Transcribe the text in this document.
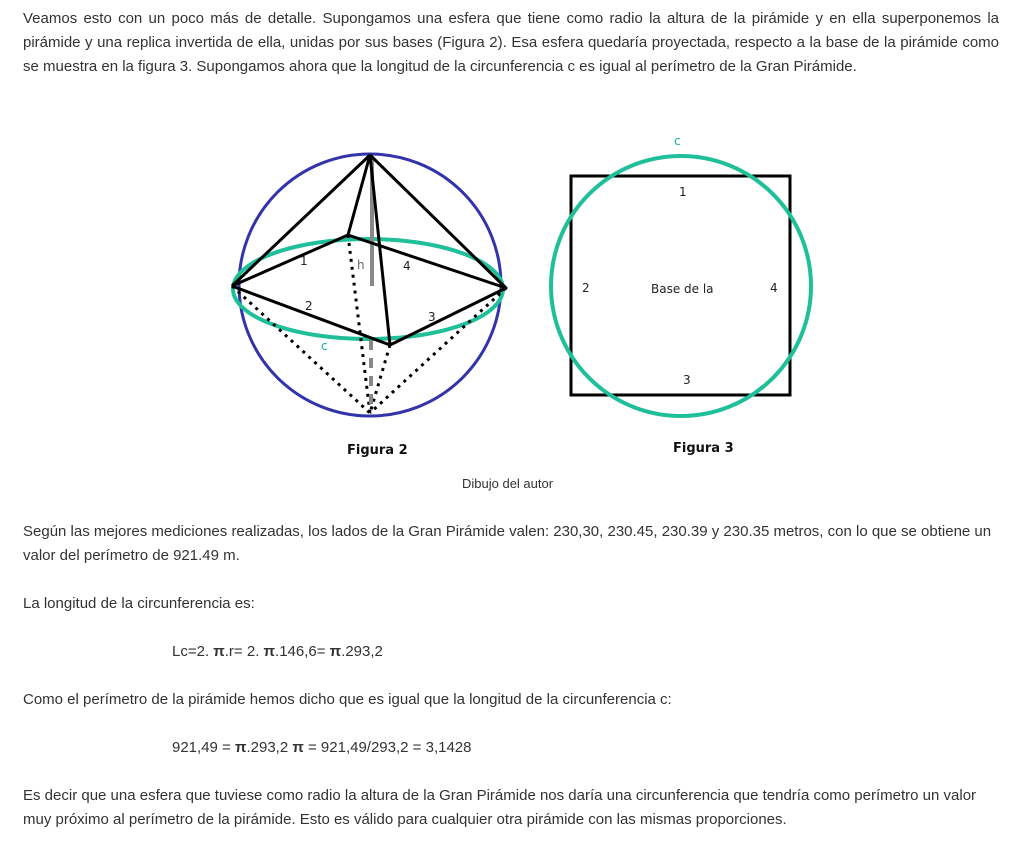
Veamos esto con un poco más de detalle. Supongamos una esfera que tiene como radio la altura de la pirámide y en ella superponemos la pirámide y una replica invertida de ella, unidas por sus bases (Figura 2). Esa esfera quedaría proyectada, respecto a la base de la pirámide como se muestra en la figura 3. Supongamos ahora que la longitud de la circunferencia c es igual al perímetro de la Gran Pirámide.

h
1	4
2
3
c
Figura 2
c
1
2	4
3
Base de la
Figura 3
Dibujo del autor

Según las mejores mediciones realizadas, los lados de la Gran Pirámide valen: 230,30, 230.45, 230.39 y 230.35 metros, con lo que se obtiene un valor del perímetro de 921.49 m.

La longitud de la circunferencia es:

Lc=2. π.r= 2. π.146,6= π.293,2

Como el perímetro de la pirámide hemos dicho que es igual que la longitud de la circunferencia c:

921,49 = π.293,2 π = 921,49/293,2 = 3,1428

Es decir que una esfera que tuviese como radio la altura de la Gran Pirámide nos daría una circunferencia que tendría como perímetro un valor muy próximo al perímetro de la pirámide. Esto es válido para cualquier otra pirámide con las mismas proporciones.
